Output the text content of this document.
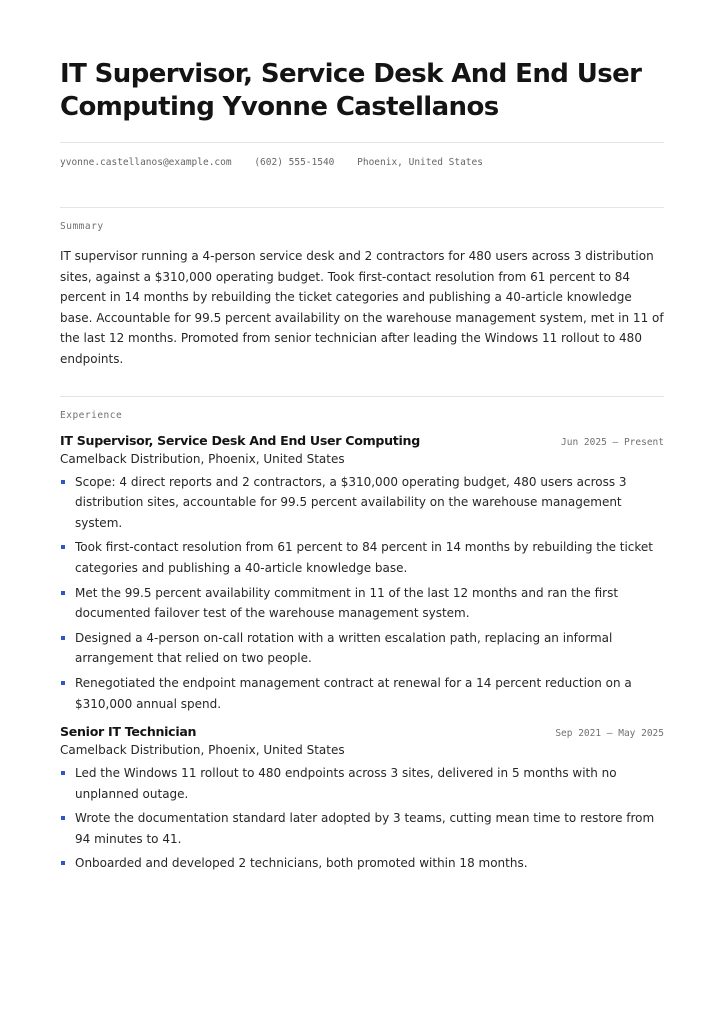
IT Supervisor, Service Desk And End User Computing Yvonne Castellanos
yvonne.castellanos@example.com (602) 555-1540 Phoenix, United States
Summary

IT supervisor running a 4-person service desk and 2 contractors for 480 users across 3 distribution sites, against a $310,000 operating budget. Took first-contact resolution from 61 percent to 84 percent in 14 months by rebuilding the ticket categories and publishing a 40-article knowledge base. Accountable for 99.5 percent availability on the warehouse management system, met in 11 of the last 12 months. Promoted from senior technician after leading the Windows 11 rollout to 480 endpoints.

Experience
IT Supervisor, Service Desk And End User Computing	Jun 2025 – Present
Camelback Distribution, Phoenix, United States
Scope: 4 direct reports and 2 contractors, a $310,000 operating budget, 480 users across 3 distribution sites, accountable for 99.5 percent availability on the warehouse management system.
Took first-contact resolution from 61 percent to 84 percent in 14 months by rebuilding the ticket categories and publishing a 40-article knowledge base.
Met the 99.5 percent availability commitment in 11 of the last 12 months and ran the first documented failover test of the warehouse management system.
Designed a 4-person on-call rotation with a written escalation path, replacing an informal arrangement that relied on two people.
Renegotiated the endpoint management contract at renewal for a 14 percent reduction on a $310,000 annual spend.
Senior IT Technician	Sep 2021 – May 2025
Camelback Distribution, Phoenix, United States
Led the Windows 11 rollout to 480 endpoints across 3 sites, delivered in 5 months with no unplanned outage.
Wrote the documentation standard later adopted by 3 teams, cutting mean time to restore from 94 minutes to 41.
Onboarded and developed 2 technicians, both promoted within 18 months.
